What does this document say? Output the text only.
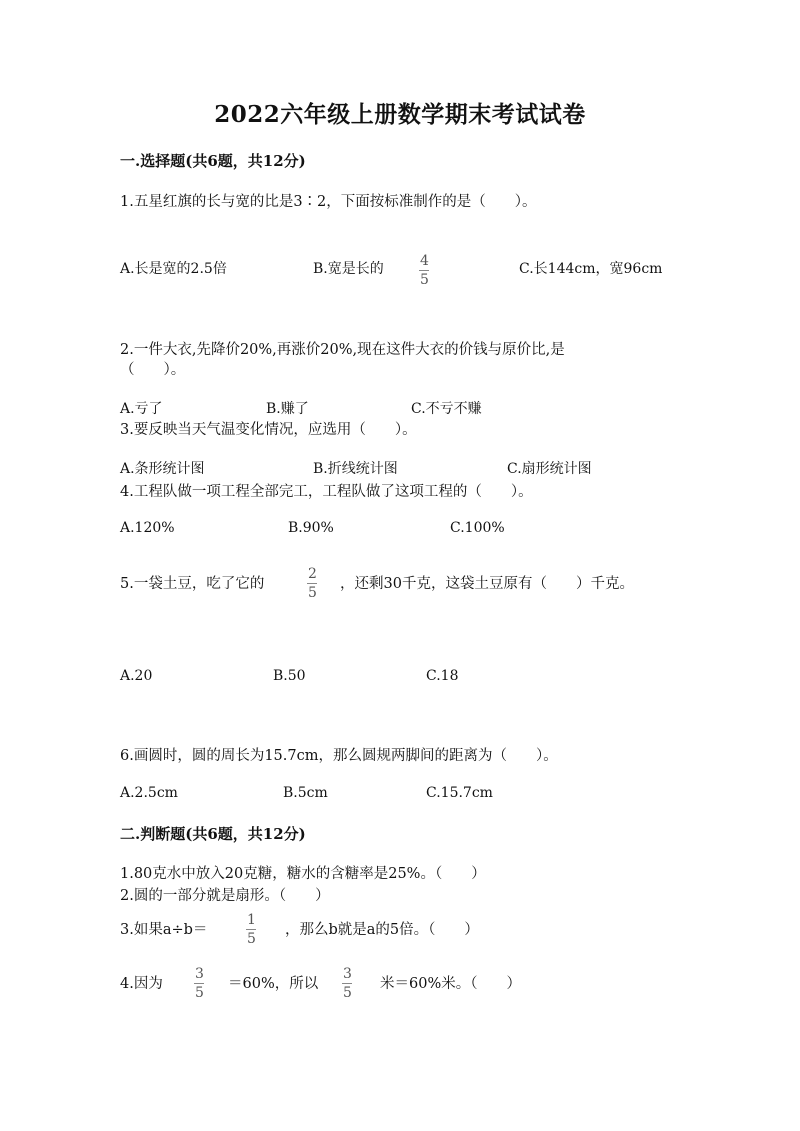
2022六年级上册数学期末考试试卷
一.选择题(共6题，共12分)
1.五星红旗的长与宽的比是3∶2，下面按标准制作的是（　　）。
A.长是宽的2.5倍	B.宽是长的	4
5
C.长144cm，宽96cm
2.一件大衣,先降价20%,再涨价20%,现在这件大衣的价钱与原价比,是
（　　）。
A.亏了	B.赚了	C.不亏不赚
3.要反映当天气温变化情况，应选用（　　）。
A.条形统计图	B.折线统计图	C.扇形统计图
4.工程队做一项工程全部完工，工程队做了这项工程的（　　）。
A.120%	B.90%	C.100%
5.一袋土豆，吃了它的
2
5
，还剩30千克，这袋土豆原有（　　）千克。
A.20	B.50	C.18
6.画圆时，圆的周长为15.7cm，那么圆规两脚间的距离为（　　）。
A.2.5cm	B.5cm	C.15.7cm
二.判断题(共6题，共12分)
1.80克水中放入20克糖，糖水的含糖率是25%。（　　）
2.圆的一部分就是扇形。（　　）
3.如果a÷b＝
1
5
，那么b就是a的5倍。（　　）
4.因为
3
5
＝60%，所以
3
5
米＝60%米。（　　）
